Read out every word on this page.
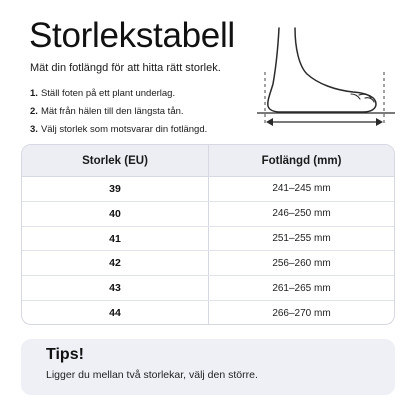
Storlekstabell

Mät din fotlängd för att hitta rätt storlek.

1. Ställ foten på ett plant underlag.
2. Mät från hälen till den längsta tån.
3. Välj storlek som motsvarar din fotlängd.
Storlek (EU)	Fotlängd (mm)
39	241–245 mm
40	246–250 mm
41	251–255 mm
42	256–260 mm
43	261–265 mm
44	266–270 mm
Tips!
Ligger du mellan två storlekar, välj den större.
